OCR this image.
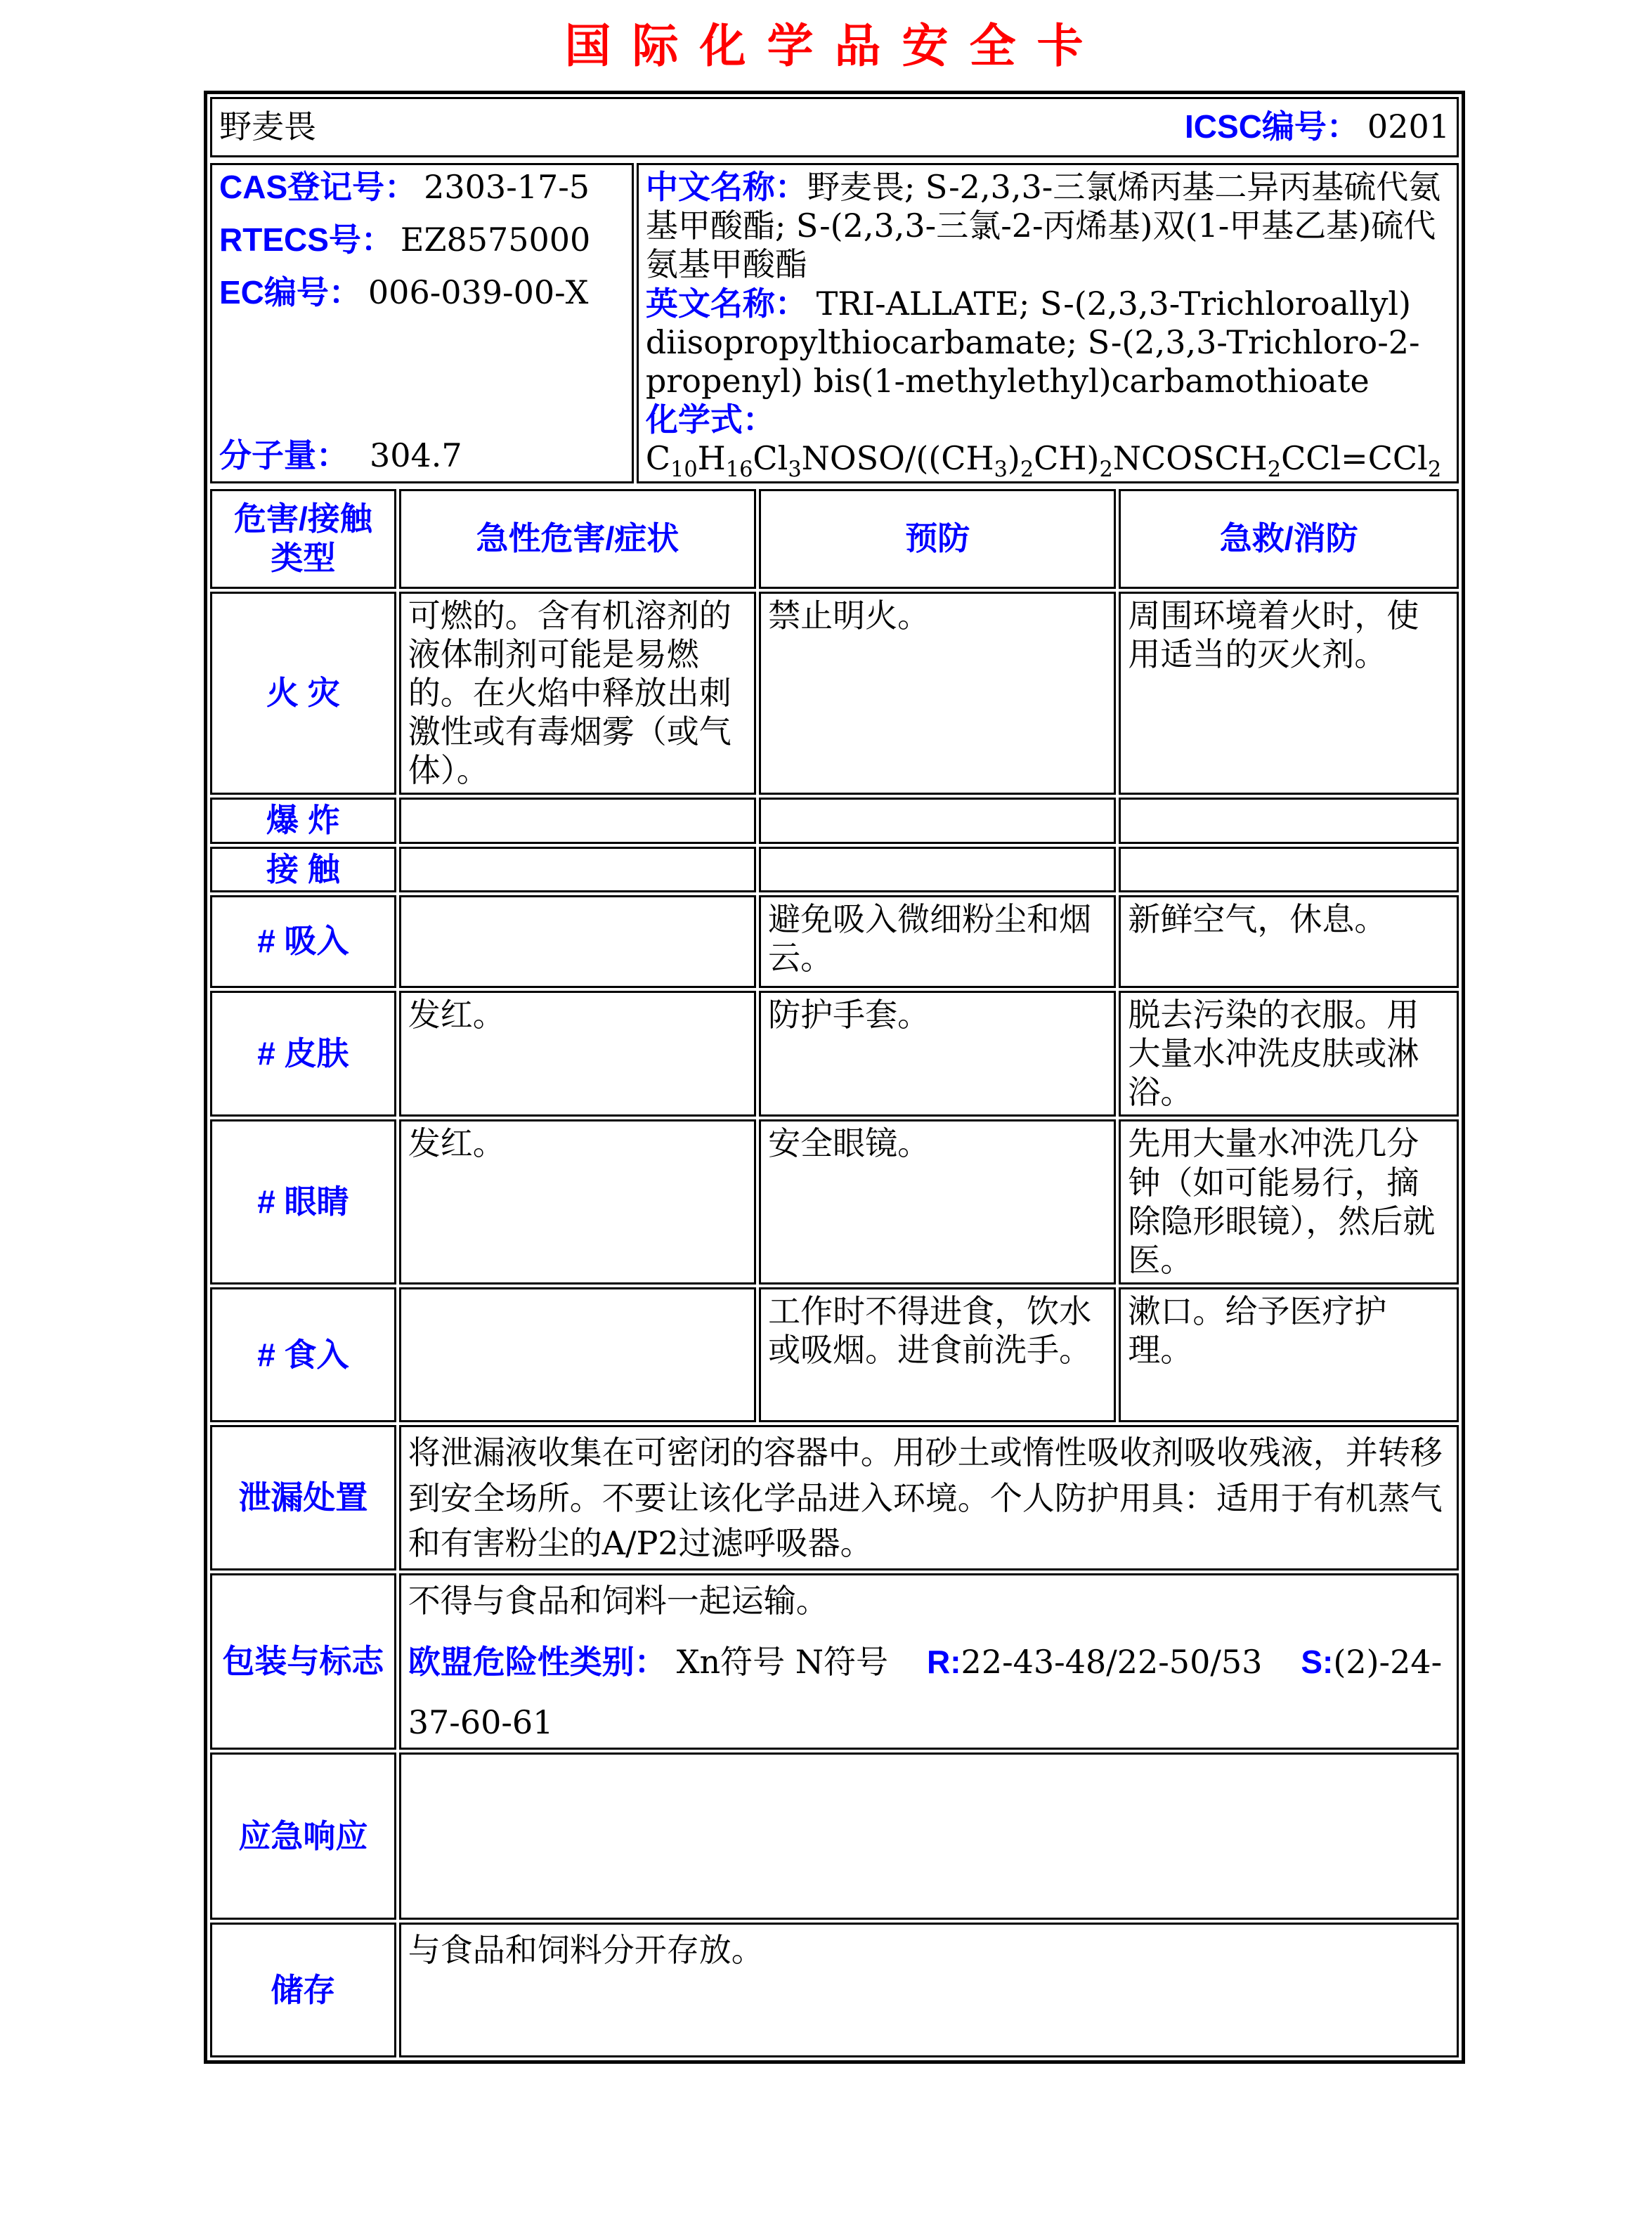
国际化学品安全卡
野麦畏	ICSC编号： 0201
CAS登记号： 2303-17-5
RTECS号： EZ8575000
EC编号： 006-039-00-X
分子量： 304.7

中文名称：野麦畏; S-2,3,3-三氯烯丙基二异丙基硫代氨基甲酸酯; S-(2,3,3-三氯-2-丙烯基)双(1-甲基乙基)硫代氨基甲酸酯

英文名称： TRI-ALLATE; S-(2,3,3-Trichloroallyl) diisopropylthiocarbamate; S-(2,3,3-Trichloro-2-propenyl) bis(1-methylethyl)carbamothioate

化学式： $C_{10}H_{16}Cl_3NOSO/((CH_3)_2CH)_2NCOSCH_2CCl=CCl_2$

危害/接触类型	急性危害/症状	预防	急救/消防
火 灾	可燃的。含有机溶剂的液体制剂可能是易燃的。在火焰中释放出刺激性或有毒烟雾（或气体）。	禁止明火。	周围环境着火时，使用适当的灭火剂。
爆 炸			
接 触			
# 吸入		避免吸入微细粉尘和烟云。	新鲜空气，休息。
# 皮肤	发红。	防护手套。	脱去污染的衣服。用大量水冲洗皮肤或淋浴。
# 眼睛	发红。	安全眼镜。	先用大量水冲洗几分钟（如可能易行，摘除隐形眼镜），然后就医。
# 食入		工作时不得进食，饮水或吸烟。进食前洗手。	漱口。给予医疗护理。
泄漏处置	将泄漏液收集在可密闭的容器中。用砂土或惰性吸收剂吸收残液，并转移到安全场所。不要让该化学品进入环境。个人防护用具：适用于有机蒸气和有害粉尘的A/P2过滤呼吸器。		
包装与标志	不得与食品和饲料一起运输。
欧盟危险性类别： Xn符号 N符号 R:22-43-48/22-50/53 S:(2)-24-
37-60-61		

应急响应			
储存	与食品和饲料分开存放。		
